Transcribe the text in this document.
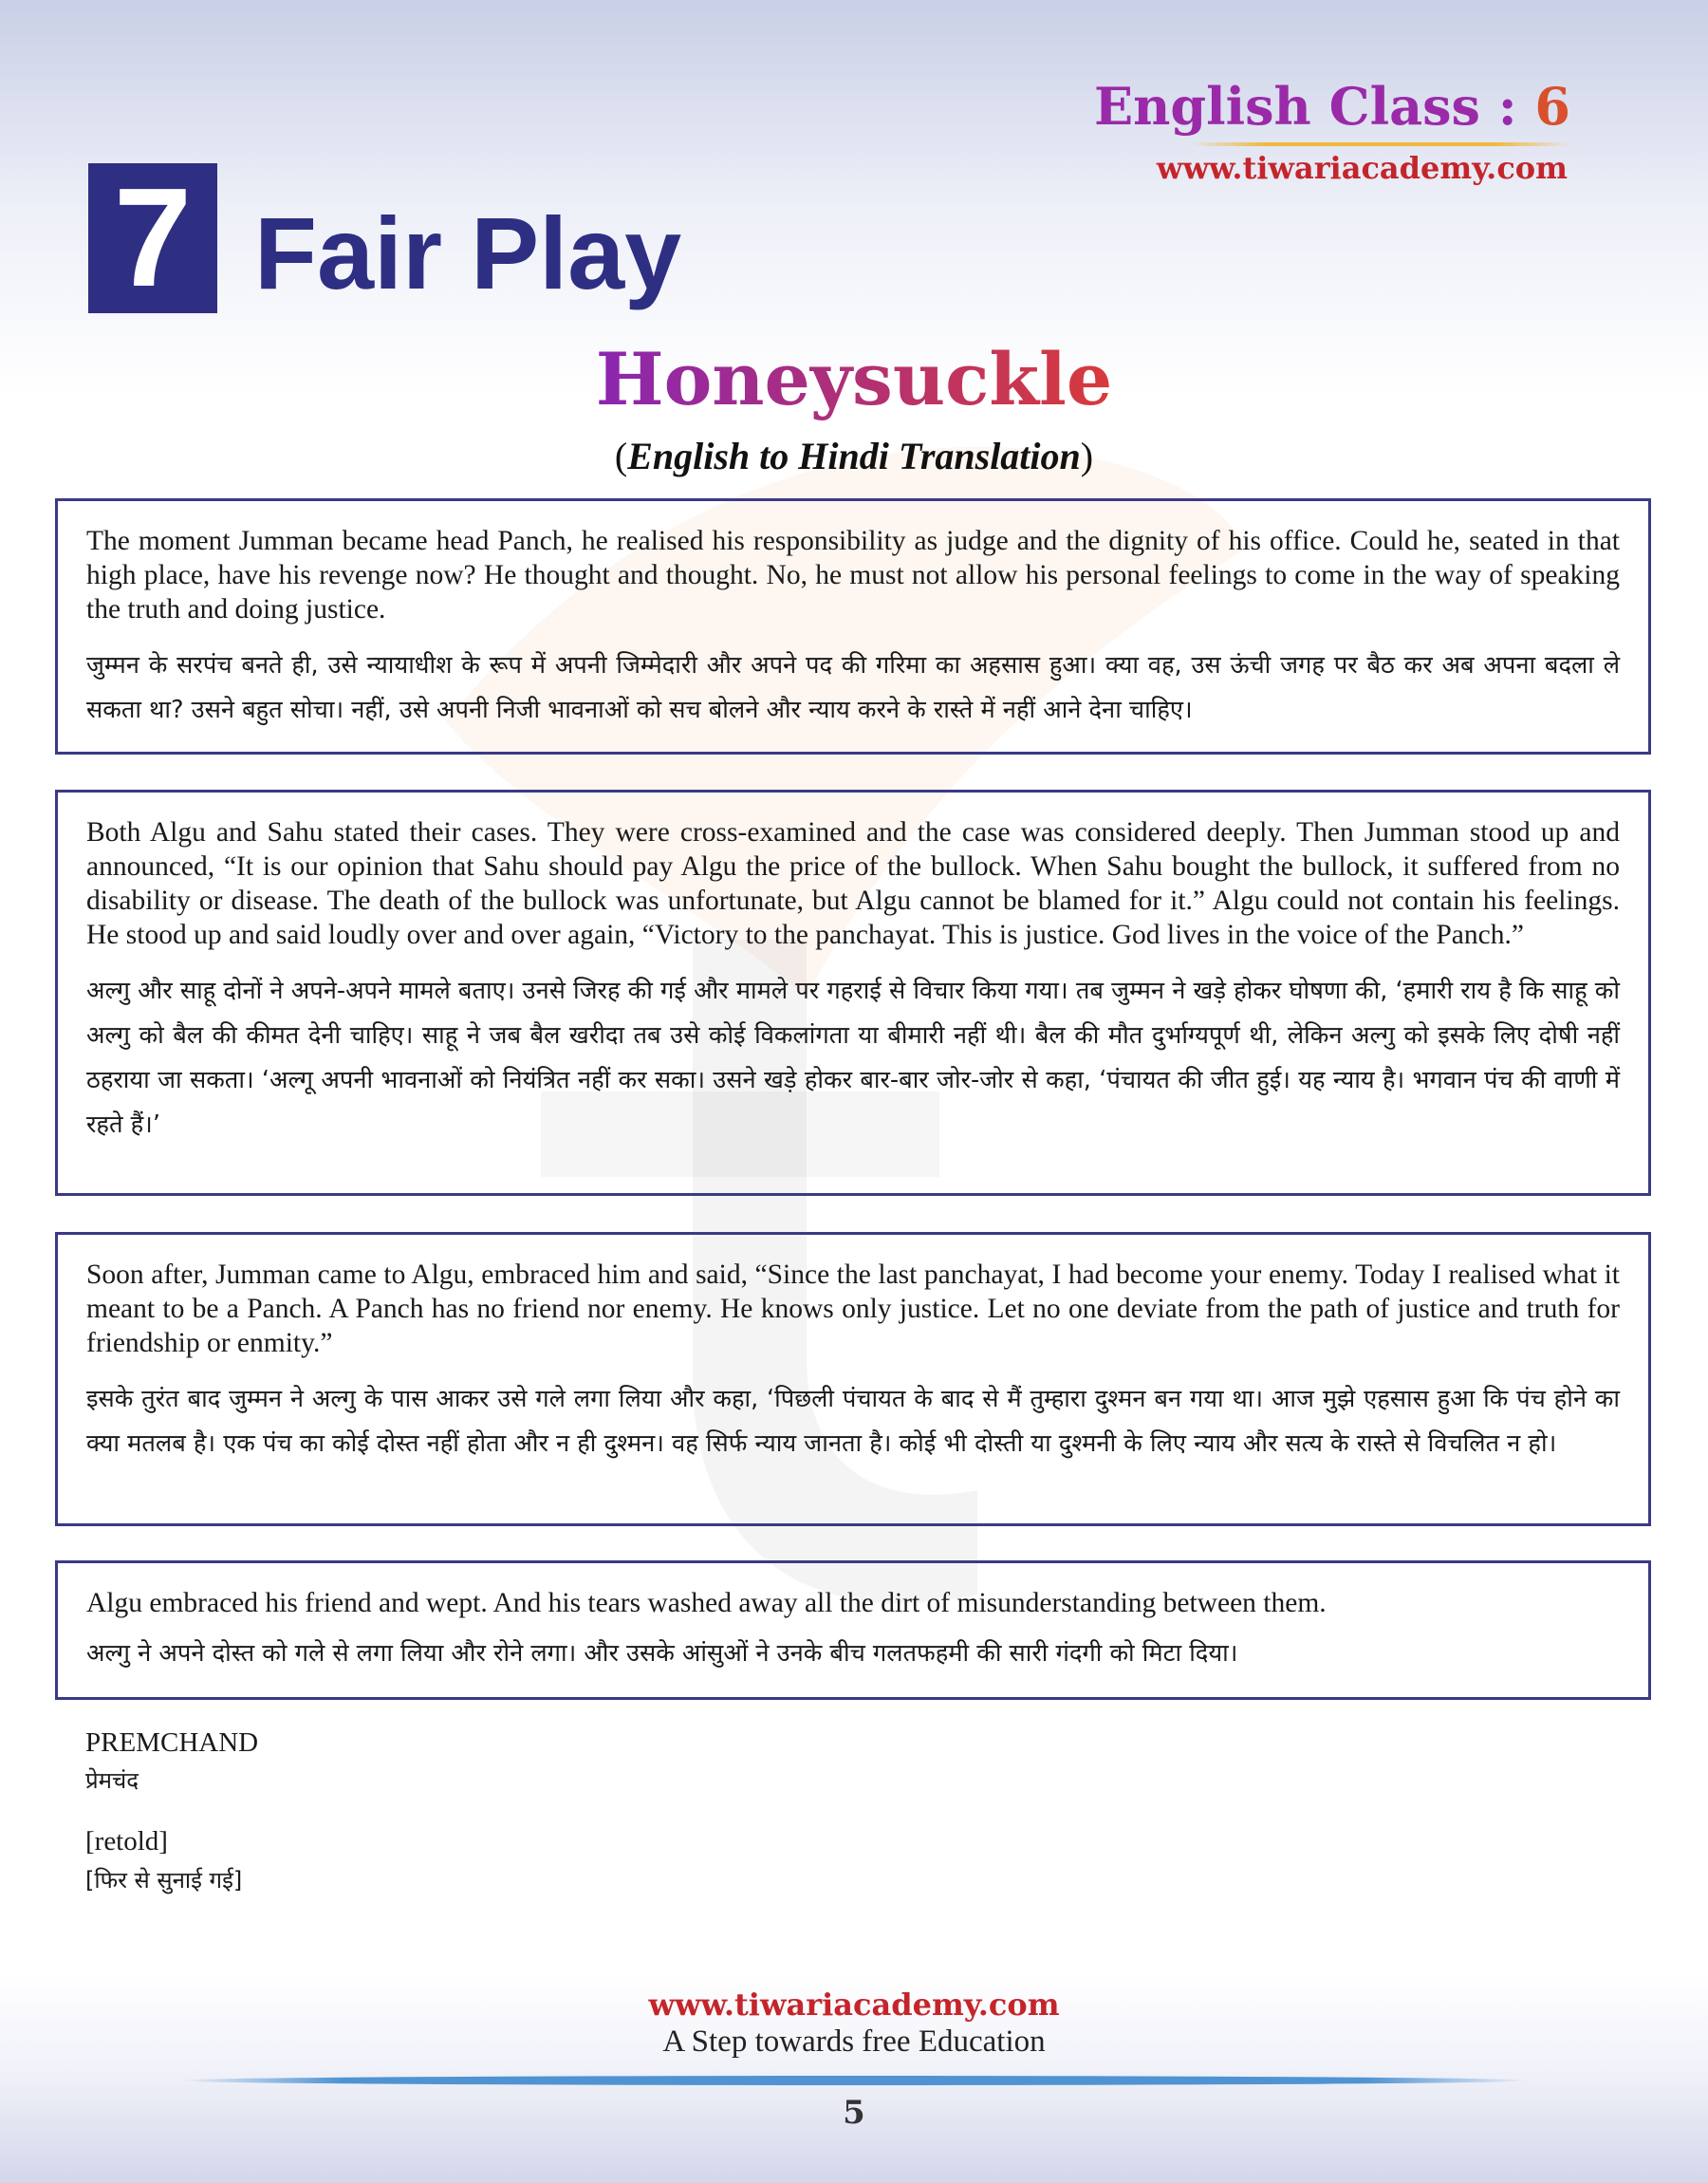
English Class : 6

www.tiwariacademy.com

7 Fair Play
Honeysuckle

(English to Hindi Translation)

The moment Jumman became head Panch, he realised his responsibility as judge and the dignity of his office. Could he, seated in that high place, have his revenge now? He thought and thought. No, he must not allow his personal feelings to come in the way of speaking the truth and doing justice.

जुम्मन के सरपंच बनते ही, उसे न्यायाधीश के रूप में अपनी जिम्मेदारी और अपने पद की गरिमा का अहसास हुआ। क्या वह, उस ऊंची जगह पर बैठ कर अब अपना बदला ले सकता था? उसने बहुत सोचा। नहीं, उसे अपनी निजी भावनाओं को सच बोलने और न्याय करने के रास्ते में नहीं आने देना चाहिए।

Both Algu and Sahu stated their cases. They were cross-examined and the case was considered deeply. Then Jumman stood up and announced, “It is our opinion that Sahu should pay Algu the price of the bullock. When Sahu bought the bullock, it suffered from no disability or disease. The death of the bullock was unfortunate, but Algu cannot be blamed for it.” Algu could not contain his feelings. He stood up and said loudly over and over again, “Victory to the panchayat. This is justice. God lives in the voice of the Panch.”

अल्गु और साहू दोनों ने अपने-अपने मामले बताए। उनसे जिरह की गई और मामले पर गहराई से विचार किया गया। तब जुम्मन ने खड़े होकर घोषणा की, ‘हमारी राय है कि साहू को अल्गु को बैल की कीमत देनी चाहिए। साहू ने जब बैल खरीदा तब उसे कोई विकलांगता या बीमारी नहीं थी। बैल की मौत दुर्भाग्यपूर्ण थी, लेकिन अल्गु को इसके लिए दोषी नहीं ठहराया जा सकता। ‘अल्गू अपनी भावनाओं को नियंत्रित नहीं कर सका। उसने खड़े होकर बार-बार जोर-जोर से कहा, ‘पंचायत की जीत हुई। यह न्याय है। भगवान पंच की वाणी में रहते हैं।’

Soon after, Jumman came to Algu, embraced him and said, “Since the last panchayat, I had become your enemy. Today I realised what it meant to be a Panch. A Panch has no friend nor enemy. He knows only justice. Let no one deviate from the path of justice and truth for friendship or enmity.”

इसके तुरंत बाद जुम्मन ने अल्गु के पास आकर उसे गले लगा लिया और कहा, ‘पिछली पंचायत के बाद से मैं तुम्हारा दुश्मन बन गया था। आज मुझे एहसास हुआ कि पंच होने का क्या मतलब है। एक पंच का कोई दोस्त नहीं होता और न ही दुश्मन। वह सिर्फ न्याय जानता है। कोई भी दोस्ती या दुश्मनी के लिए न्याय और सत्य के रास्ते से विचलित न हो।

Algu embraced his friend and wept. And his tears washed away all the dirt of misunderstanding between them.

अल्गु ने अपने दोस्त को गले से लगा लिया और रोने लगा। और उसके आंसुओं ने उनके बीच गलतफहमी की सारी गंदगी को मिटा दिया।

PREMCHAND

प्रेमचंद

[retold]

[फिर से सुनाई गई]

www.tiwariacademy.com

A Step towards free Education

5
